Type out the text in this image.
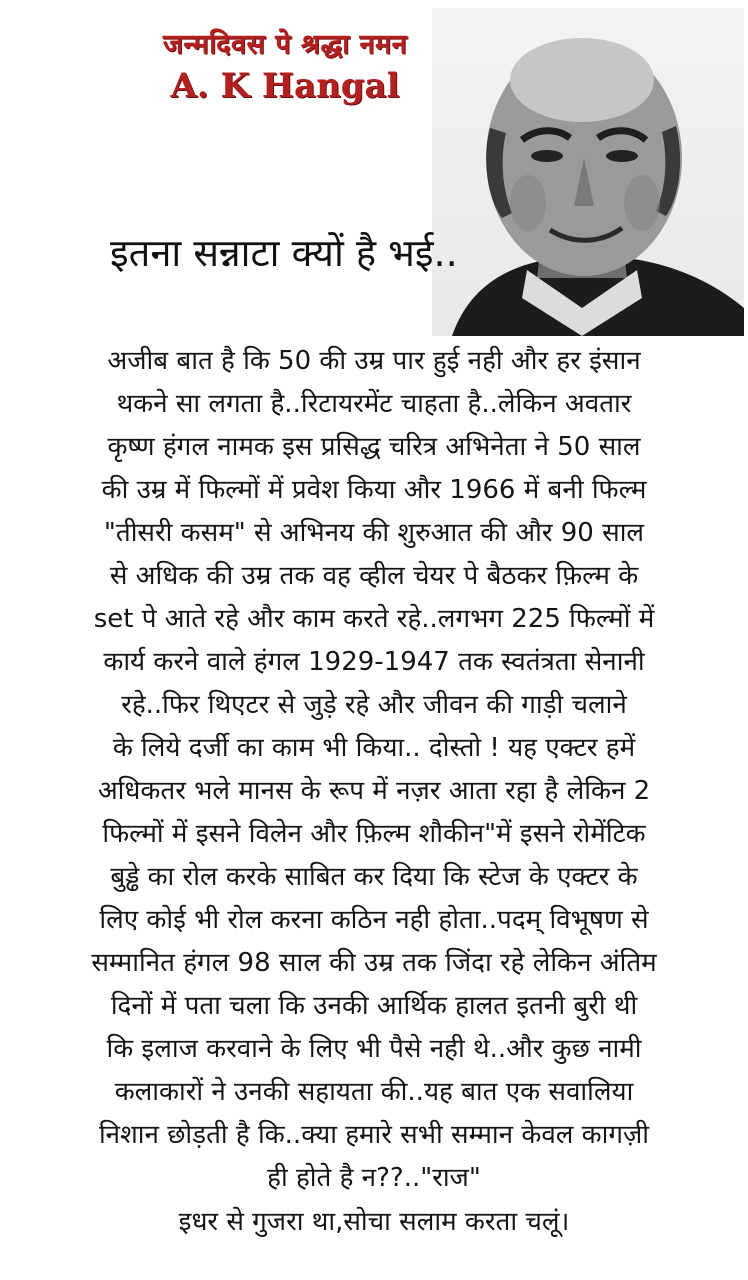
जन्मदिवस पे श्रद्धा नमन
A. K Hangal
इतना सन्नाटा क्यों है भई..
अजीब बात है कि 50 की उम्र पार हुई नही और हर इंसान
थकने सा लगता है..रिटायरमेंट चाहता है..लेकिन अवतार
कृष्ण हंगल नामक इस प्रसिद्ध चरित्र अभिनेता ने 50 साल
की उम्र में फिल्मों में प्रवेश किया और 1966 में बनी फिल्म
"तीसरी कसम" से अभिनय की शुरुआत की और 90 साल
से अधिक की उम्र तक वह व्हील चेयर पे बैठकर फ़िल्म के
set पे आते रहे और काम करते रहे..लगभग 225 फिल्मों में
कार्य करने वाले हंगल 1929-1947 तक स्वतंत्रता सेनानी
रहे..फिर थिएटर से जुड़े रहे और जीवन की गाड़ी चलाने
के लिये दर्जी का काम भी किया.. दोस्तो ! यह एक्टर हमें
अधिकतर भले मानस के रूप में नज़र आता रहा है लेकिन 2
फिल्मों में इसने विलेन और फ़िल्म शौकीन"में इसने रोमेंटिक
बुड्ढे का रोल करके साबित कर दिया कि स्टेज के एक्टर के
लिए कोई भी रोल करना कठिन नही होता..पदम् विभूषण से
सम्मानित हंगल 98 साल की उम्र तक जिंदा रहे लेकिन अंतिम
दिनों में पता चला कि उनकी आर्थिक हालत इतनी बुरी थी
कि इलाज करवाने के लिए भी पैसे नही थे..और कुछ नामी
कलाकारों ने उनकी सहायता की..यह बात एक सवालिया
निशान छोड़ती है कि..क्या हमारे सभी सम्मान केवल कागज़ी
ही होते है न??.."राज"
इधर से गुजरा था,सोचा सलाम करता चलूं।
